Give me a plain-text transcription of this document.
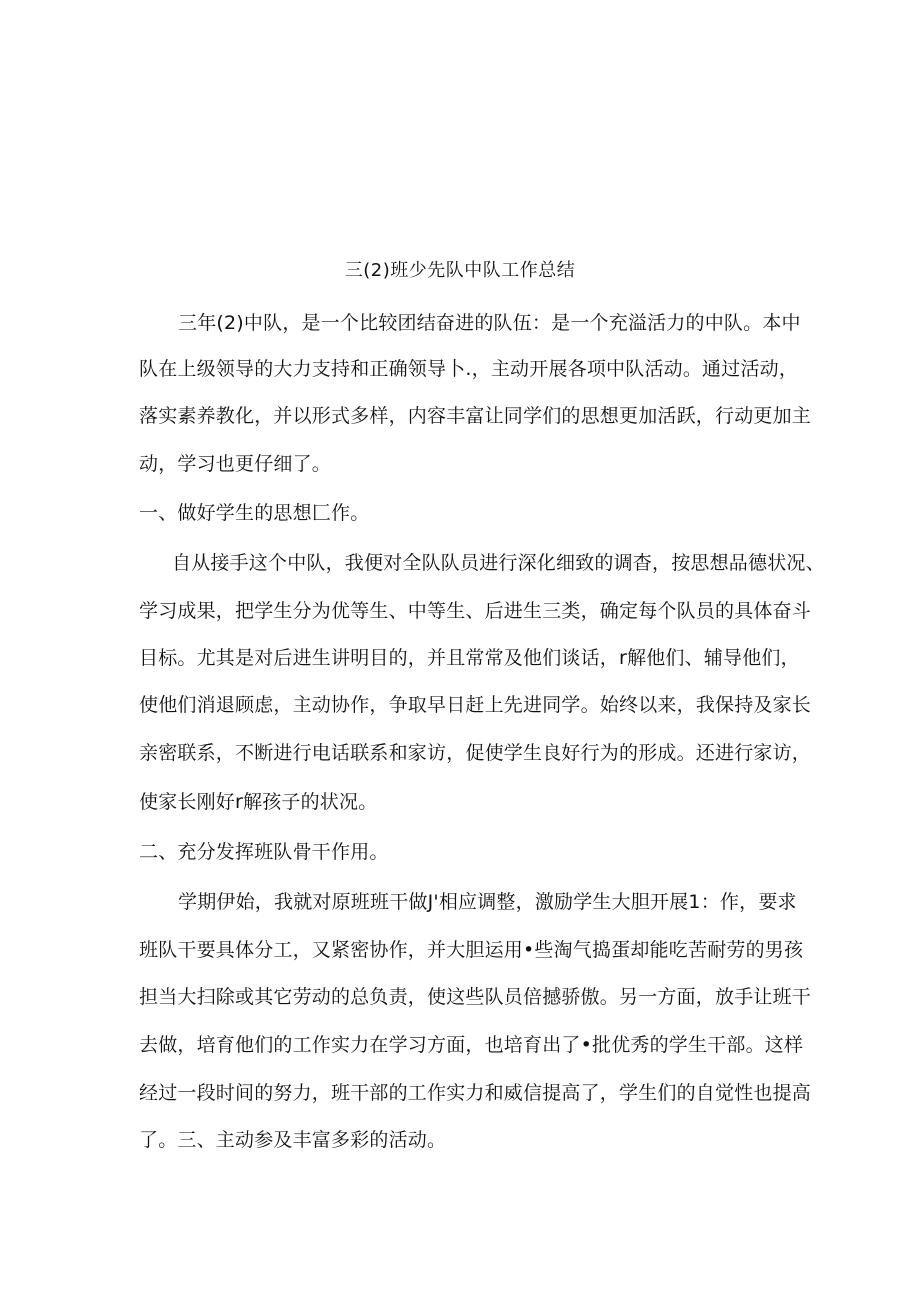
三(2)班少先队中队工作总结
三年(2)中队，是一个比较团结奋进的队伍：是一个充溢活力的中队。本中
队在上级领导的大力支持和正确领导卜.，主动开展各项中队活动。通过活动，
落实素养教化，并以形式多样，内容丰富让同学们的思想更加活跃，行动更加主
动，学习也更仔细了。
一、做好学生的思想匚作。
自从接手这个中队，我便对全队队员进行深化细致的调杳，按思想品德状况、
学习成果，把学生分为优等生、中等生、后进生三类，确定每个队员的具体奋斗
目标。尤其是对后进生讲明目的，并且常常及他们谈话，r解他们、辅导他们，
使他们消退顾虑，主动协作，争取早日赶上先进同学。始终以来，我保持及家长
亲密联系，不断进行电话联系和家访，促使学生良好行为的形成。还进行家访，
使家长刚好r解孩子的状况。
二、充分发挥班队骨干作用。
学期伊始，我就对原班班干做J'相应调整，激励学生大胆开展1：作，要求
班队干要具体分工，又紧密协作，并大胆运用•些淘气捣蛋却能吃苦耐劳的男孩
担当大扫除或其它劳动的总负责，使这些队员倍撼骄傲。另一方面，放手让班干
去做，培育他们的工作实力在学习方面，也培育出了•批优秀的学生干部。这样
经过一段时间的努力，班干部的工作实力和威信提高了，学生们的自觉性也提高
了。三、主动参及丰富多彩的活动。
